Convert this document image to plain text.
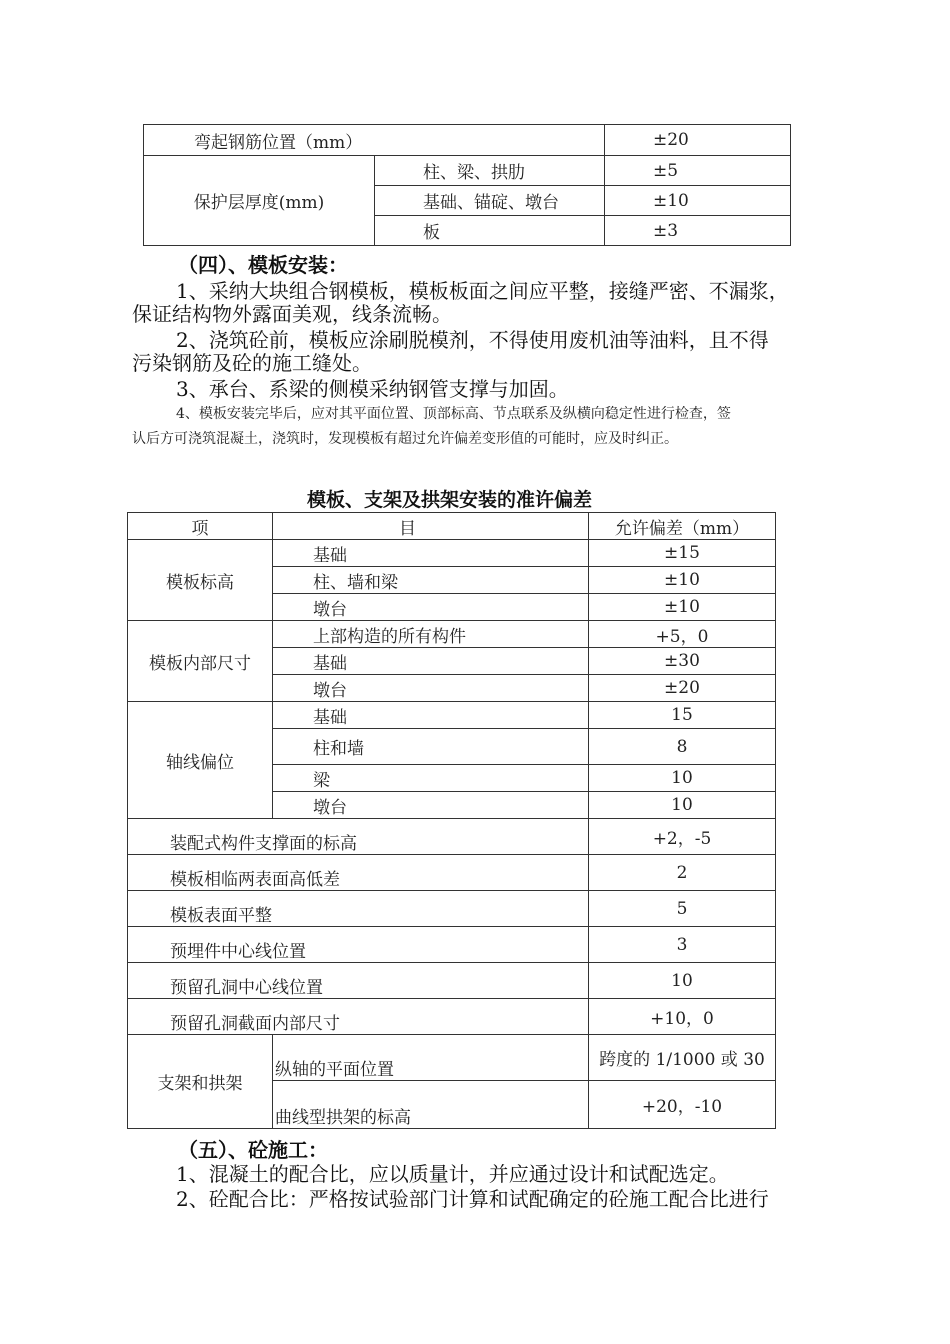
弯起钢筋位置（mm）		±20
保护层厚度(mm)	柱、梁、拱肋	±5
	基础、锚碇、墩台	±10
	板	±3
（四）、模板安装：
1、采纳大块组合钢模板，模板板面之间应平整，接缝严密、不漏浆，
保证结构物外露面美观，线条流畅。
2、浇筑砼前，模板应涂刷脱模剂，不得使用废机油等油料，且不得
污染钢筋及砼的施工缝处。
3、承台、系梁的侧模采纳钢管支撑与加固。
4、模板安装完毕后，应对其平面位置、顶部标高、节点联系及纵横向稳定性进行检查，签
认后方可浇筑混凝土，浇筑时，发现模板有超过允许偏差变形值的可能时，应及时纠正。
模板、支架及拱架安装的准许偏差
项	目	允许偏差（mm）
模板标高	基础	±15
	柱、墙和梁	±10
	墩台	±10
模板内部尺寸	上部构造的所有构件	+5，0
	基础	±30
	墩台	±20
轴线偏位	基础	15
	柱和墙	8
	梁	10
	墩台	10
装配式构件支撑面的标高		+2，-5
模板相临两表面高低差		2
模板表面平整		5
预埋件中心线位置		3
预留孔洞中心线位置		10
预留孔洞截面内部尺寸		+10，0
支架和拱架	纵轴的平面位置	跨度的 1/1000 或 30
	曲线型拱架的标高	+20，-10
（五）、砼施工：
1、混凝土的配合比，应以质量计，并应通过设计和试配选定。
2、砼配合比：严格按试验部门计算和试配确定的砼施工配合比进行
